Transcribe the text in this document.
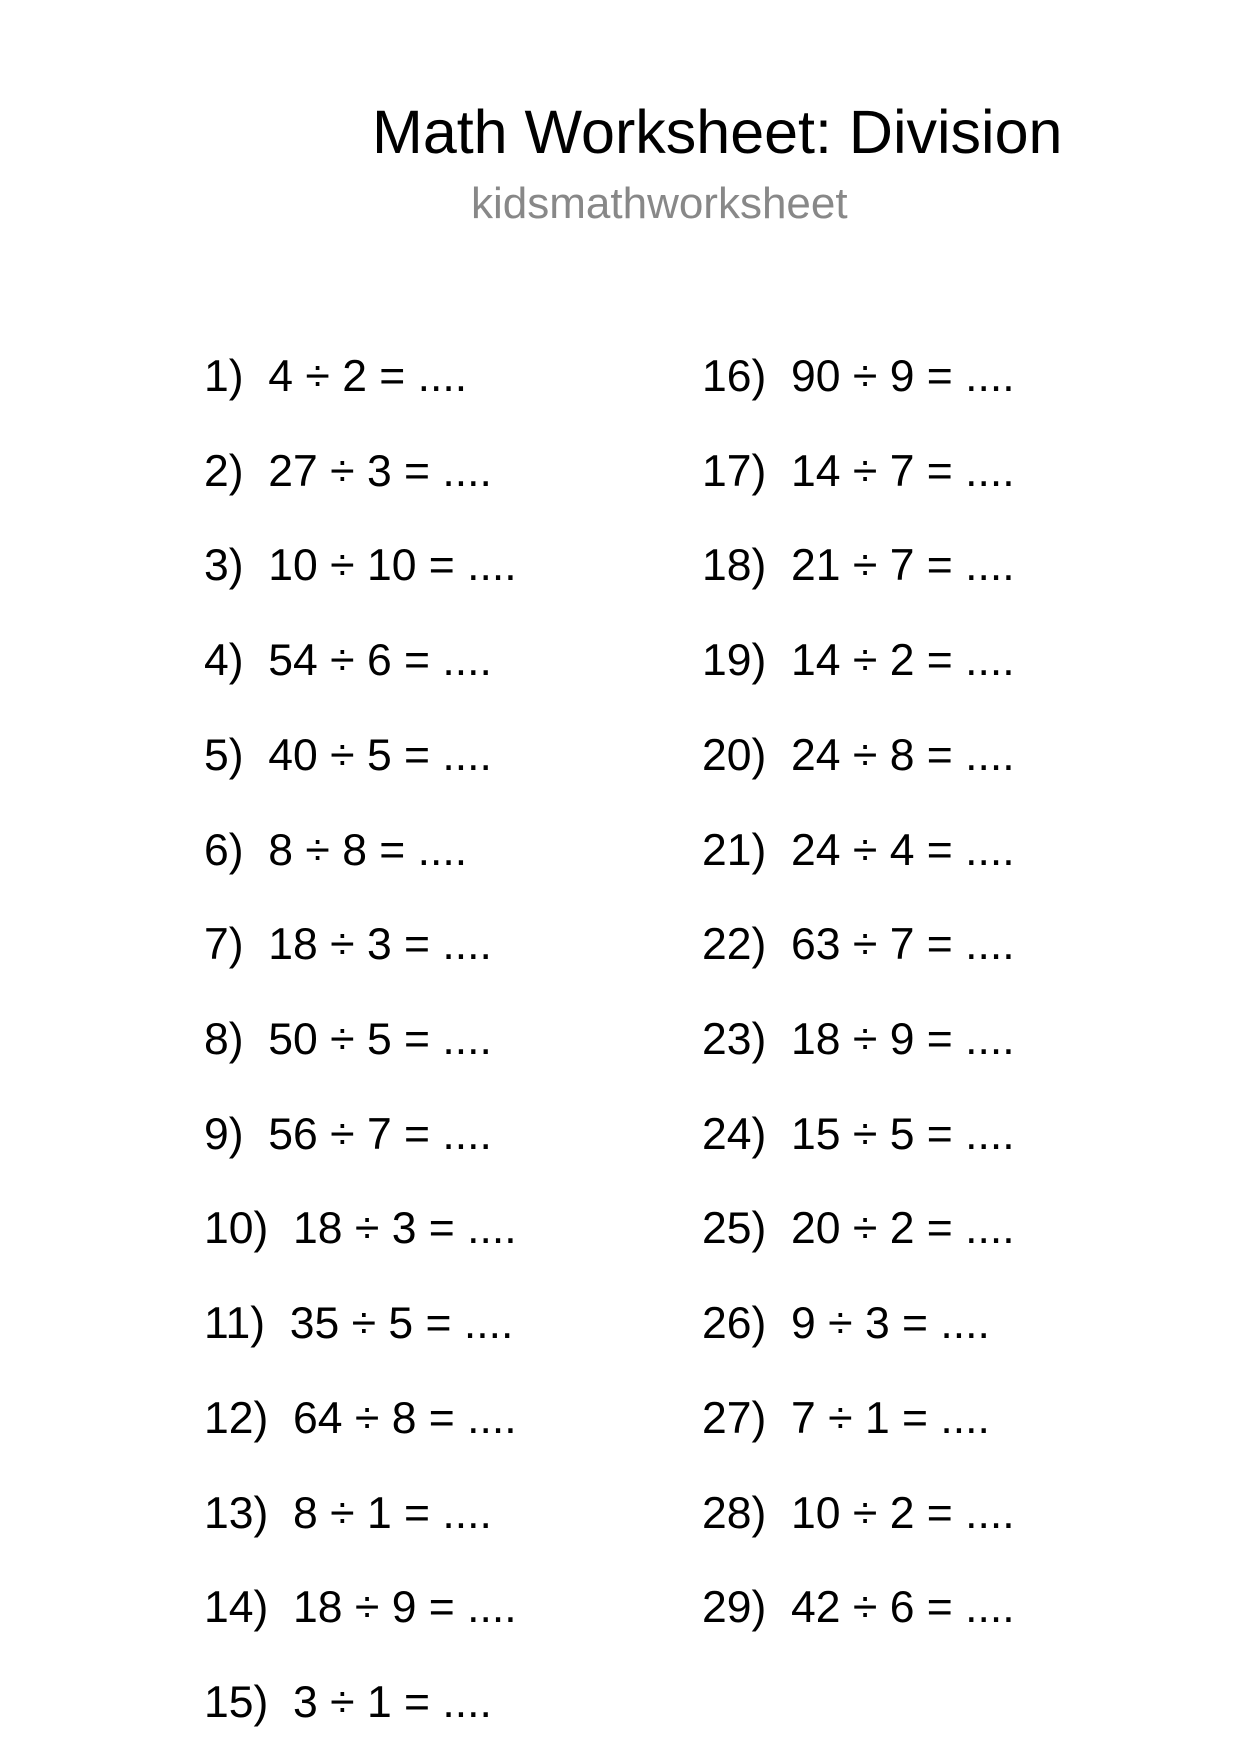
Math Worksheet: Division
kidsmathworksheet
1)  4 ÷ 2 = ....
2)  27 ÷ 3 = ....
3)  10 ÷ 10 = ....
4)  54 ÷ 6 = ....
5)  40 ÷ 5 = ....
6)  8 ÷ 8 = ....
7)  18 ÷ 3 = ....
8)  50 ÷ 5 = ....
9)  56 ÷ 7 = ....
10)  18 ÷ 3 = ....
11)  35 ÷ 5 = ....
12)  64 ÷ 8 = ....
13)  8 ÷ 1 = ....
14)  18 ÷ 9 = ....
15)  3 ÷ 1 = ....
16)  90 ÷ 9 = ....
17)  14 ÷ 7 = ....
18)  21 ÷ 7 = ....
19)  14 ÷ 2 = ....
20)  24 ÷ 8 = ....
21)  24 ÷ 4 = ....
22)  63 ÷ 7 = ....
23)  18 ÷ 9 = ....
24)  15 ÷ 5 = ....
25)  20 ÷ 2 = ....
26)  9 ÷ 3 = ....
27)  7 ÷ 1 = ....
28)  10 ÷ 2 = ....
29)  42 ÷ 6 = ....
